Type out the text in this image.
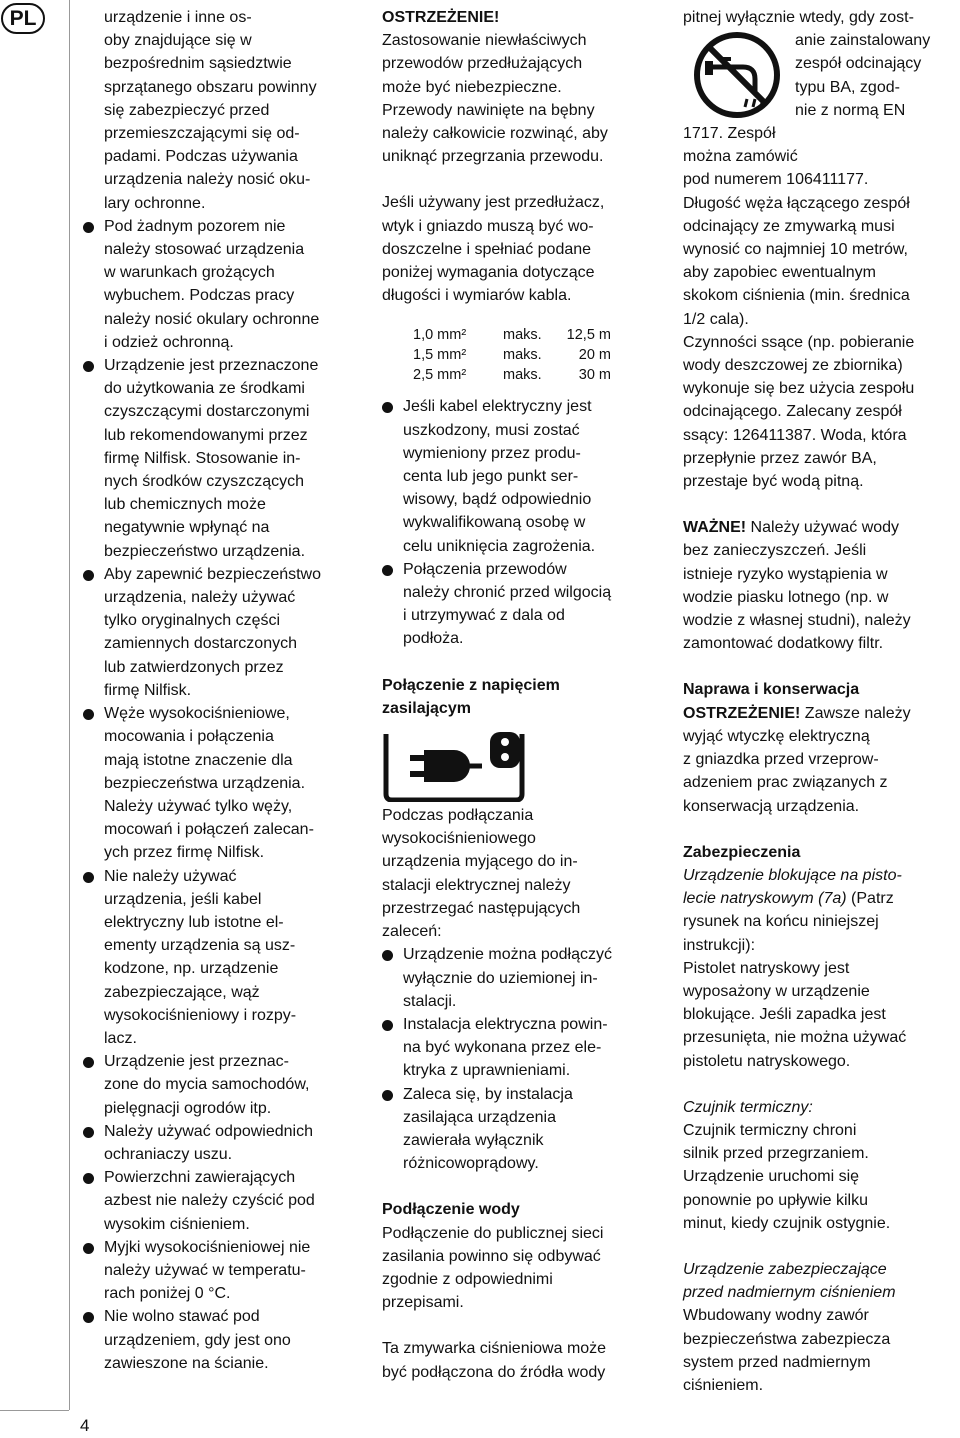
PL
4

urządzenie i inne os-

oby znajdujące się w

bezpośrednim sąsiedztwie

sprzątanego obszaru powinny

się zabezpieczyć przed

przemieszczającymi się od-

padami. Podczas używania

urządzenia należy nosić oku-

lary ochronne.

Pod żadnym pozorem nie

należy stosować urządzenia

w warunkach grożących

wybuchem. Podczas pracy

należy nosić okulary ochronne

i odzież ochronną.

Urządzenie jest przeznaczone

do użytkowania ze środkami

czyszczącymi dostarczonymi

lub rekomendowanymi przez

firmę Nilfisk. Stosowanie in-

nych środków czyszczących

lub chemicznych może

negatywnie wpłynąć na

bezpieczeństwo urządzenia.

Aby zapewnić bezpieczeństwo

urządzenia, należy używać

tylko oryginalnych części

zamiennych dostarczonych

lub zatwierdzonych przez

firmę Nilfisk.

Węże wysokociśnieniowe,

mocowania i połączenia

mają istotne znaczenie dla

bezpieczeństwa urządzenia.

Należy używać tylko węży,

mocowań i połączeń zalecan-

ych przez firmę Nilfisk.

Nie należy używać

urządzenia, jeśli kabel

elektryczny lub istotne el-

ementy urządzenia są usz-

kodzone, np. urządzenie

zabezpieczające, wąż

wysokociśnieniowy i rozpy-

lacz.

Urządzenie jest przeznac-

zone do mycia samochodów,

pielęgnacji ogrodów itp.

Należy używać odpowiednich

ochraniaczy uszu.

Powierzchni zawierających

azbest nie należy czyścić pod

wysokim ciśnieniem.

Myjki wysokociśnieniowej nie

należy używać w temperatu-

rach poniżej 0 °C.

Nie wolno stawać pod

urządzeniem, gdy jest ono

zawieszone na ścianie.

OSTRZEŻENIE!

Zastosowanie niewłaściwych

przewodów przedłużających

może być niebezpieczne.

Przewody nawinięte na bębny

należy całkowicie rozwinąć, aby

uniknąć przegrzania przewodu.

Jeśli używany jest przedłużacz,

wtyk i gniazdo muszą być wo-

doszczelne i spełniać podane

poniżej wymagania dotyczące

długości i wymiarów kabla.

1,0 mm²	maks.	12,5 m
1,5 mm²	maks.	20 m
2,5 mm²	maks.	30 m

Jeśli kabel elektryczny jest

uszkodzony, musi zostać

wymieniony przez produ-

centa lub jego punkt ser-

wisowy, bądź odpowiednio

wykwalifikowaną osobę w

celu uniknięcia zagrożenia.

Połączenia przewodów

należy chronić przed wilgocią

i utrzymywać z dala od

podłoża.

Połączenie z napięciem

zasilającym

Podczas podłączania

wysokociśnieniowego

urządzenia myjącego do in-

stalacji elektrycznej należy

przestrzegać następujących

zaleceń:

Urządzenie można podłączyć

wyłącznie do uziemionej in-

stalacji.

Instalacja elektryczna powin-

na być wykonana przez ele-

ktryka z uprawnieniami.

Zaleca się, by instalacja

zasilająca urządzenia

zawierała wyłącznik

różnicowoprądowy.

Podłączenie wody

Podłączenie do publicznej sieci

zasilania powinno się odbywać

zgodnie z odpowiednimi

przepisami.

Ta zmywarka ciśnieniowa może

być podłączona do źródła wody

pitnej wyłącznie wtedy, gdy zost-

anie zainstalowany

zespół odcinający

typu BA, zgod-

nie z normą EN

1717. Zespół

można zamówić

pod numerem 106411177.

Długość węża łączącego zespół

odcinający ze zmywarką musi

wynosić co najmniej 10 metrów,

aby zapobiec ewentualnym

skokom ciśnienia (min. średnica

1/2 cala).

Czynności ssące (np. pobieranie

wody deszczowej ze zbiornika)

wykonuje się bez użycia zespołu

odcinającego. Zalecany zespół

ssący: 126411387. Woda, która

przepłynie przez zawór BA,

przestaje być wodą pitną.

WAŻNE! Należy używać wody

bez zanieczyszczeń. Jeśli

istnieje ryzyko wystąpienia w

wodzie piasku lotnego (np. w

wodzie z własnej studni), należy

zamontować dodatkowy filtr.

Naprawa i konserwacja

OSTRZEŻENIE! Zawsze należy

wyjąć wtyczkę elektryczną

z gniazdka przed vrzeprow-

adzeniem prac związanych z

konserwacją urządzenia.

Zabezpieczenia

Urządzenie blokujące na pisto-

lecie natryskowym (7a) (Patrz

rysunek na końcu niniejszej

instrukcji):

Pistolet natryskowy jest

wyposażony w urządzenie

blokujące. Jeśli zapadka jest

przesunięta, nie można używać

pistoletu natryskowego.

Czujnik termiczny:

Czujnik termiczny chroni

silnik przed przegrzaniem.

Urządzenie uruchomi się

ponownie po upływie kilku

minut, kiedy czujnik ostygnie.

Urządzenie zabezpieczające

przed nadmiernym ciśnieniem

Wbudowany wodny zawór

bezpieczeństwa zabezpiecza

system przed nadmiernym

ciśnieniem.
